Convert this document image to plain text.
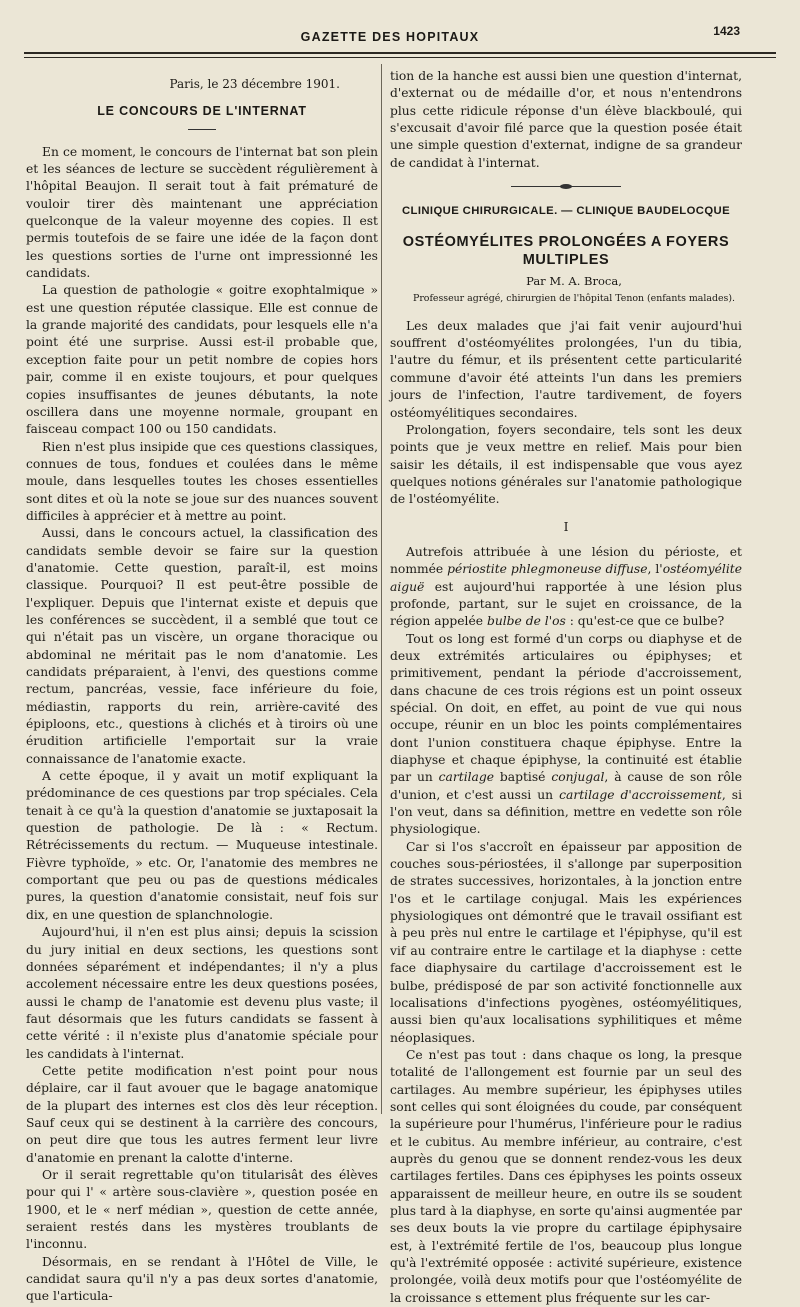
GAZETTE DES HOPITAUX	1423

Paris, le 23 décembre 1901.

LE CONCOURS DE L'INTERNAT

En ce moment, le concours de l'internat bat son plein et les séances de lecture se succèdent régulièrement à l'hôpital Beaujon. Il serait tout à fait prématuré de vouloir tirer dès maintenant une appréciation quelconque de la valeur moyenne des copies. Il est permis toutefois de se faire une idée de la façon dont les questions sorties de l'urne ont impressionné les candidats.

La question de pathologie « goitre exophtalmique » est une question réputée classique. Elle est connue de la grande majorité des candidats, pour lesquels elle n'a point été une surprise. Aussi est-il probable que, exception faite pour un petit nombre de copies hors pair, comme il en existe toujours, et pour quelques copies insuffisantes de jeunes débutants, la note oscillera dans une moyenne normale, groupant en faisceau compact 100 ou 150 candidats.

Rien n'est plus insipide que ces questions classiques, connues de tous, fondues et coulées dans le même moule, dans lesquelles toutes les choses essentielles sont dites et où la note se joue sur des nuances souvent difficiles à apprécier et à mettre au point.

Aussi, dans le concours actuel, la classification des candidats semble devoir se faire sur la question d'anatomie. Cette question, paraît-il, est moins classique. Pourquoi? Il est peut-être possible de l'expliquer. Depuis que l'internat existe et depuis que les conférences se succèdent, il a semblé que tout ce qui n'était pas un viscère, un organe thoracique ou abdominal ne méritait pas le nom d'anatomie. Les candidats préparaient, à l'envi, des questions comme rectum, pancréas, vessie, face inférieure du foie, médiastin, rapports du rein, arrière-cavité des épiploons, etc., questions à clichés et à tiroirs où une érudition artificielle l'emportait sur la vraie connaissance de l'anatomie exacte.

A cette époque, il y avait un motif expliquant la prédominance de ces questions par trop spéciales. Cela tenait à ce qu'à la question d'anatomie se juxtaposait la question de pathologie. De là : « Rectum. Rétrécissements du rectum. — Muqueuse intestinale. Fièvre typhoïde, » etc. Or, l'anatomie des membres ne comportant que peu ou pas de questions médicales pures, la question d'anatomie consistait, neuf fois sur dix, en une question de splanchnologie.

Aujourd'hui, il n'en est plus ainsi; depuis la scission du jury initial en deux sections, les questions sont données séparément et indépendantes; il n'y a plus accolement nécessaire entre les deux questions posées, aussi le champ de l'anatomie est devenu plus vaste; il faut désormais que les futurs candidats se fassent à cette vérité : il n'existe plus d'anatomie spéciale pour les candidats à l'internat.

Cette petite modification n'est point pour nous déplaire, car il faut avouer que le bagage anatomique de la plupart des internes est clos dès leur réception. Sauf ceux qui se destinent à la carrière des concours, on peut dire que tous les autres ferment leur livre d'anatomie en prenant la calotte d'interne.

Or il serait regrettable qu'on titularisât des élèves pour qui l' « artère sous-clavière », question posée en 1900, et le « nerf médian », question de cette année, seraient restés dans les mystères troublants de l'inconnu.

Désormais, en se rendant à l'Hôtel de Ville, le candidat saura qu'il n'y a pas deux sortes d'anatomie, que l'articula-

tion de la hanche est aussi bien une question d'internat, d'externat ou de médaille d'or, et nous n'entendrons plus cette ridicule réponse d'un élève blackboulé, qui s'excusait d'avoir filé parce que la question posée était une simple question d'externat, indigne de sa grandeur de candidat à l'internat.

CLINIQUE CHIRURGICALE. — CLINIQUE BAUDELOCQUE
OSTÉOMYÉLITES PROLONGÉES A FOYERS MULTIPLES

Par M. A. Broca,

Professeur agrégé, chirurgien de l'hôpital Tenon (enfants malades).

Les deux malades que j'ai fait venir aujourd'hui souffrent d'ostéomyélites prolongées, l'un du tibia, l'autre du fémur, et ils présentent cette particularité commune d'avoir été atteints l'un dans les premiers jours de l'infection, l'autre tardivement, de foyers ostéomyélitiques secondaires.

Prolongation, foyers secondaire, tels sont les deux points que je veux mettre en relief. Mais pour bien saisir les détails, il est indispensable que vous ayez quelques notions générales sur l'anatomie pathologique de l'ostéomyélite.

I

Autrefois attribuée à une lésion du périoste, et nommée périostite phlegmoneuse diffuse, l'ostéomyélite aiguë est aujourd'hui rapportée à une lésion plus profonde, partant, sur le sujet en croissance, de la région appelée bulbe de l'os : qu'est-ce que ce bulbe?

Tout os long est formé d'un corps ou diaphyse et de deux extrémités articulaires ou épiphyses; et primitivement, pendant la période d'accroissement, dans chacune de ces trois régions est un point osseux spécial. On doit, en effet, au point de vue qui nous occupe, réunir en un bloc les points complémentaires dont l'union constituera chaque épiphyse. Entre la diaphyse et chaque épiphyse, la continuité est établie par un cartilage baptisé conjugal, à cause de son rôle d'union, et c'est aussi un cartilage d'accroissement, si l'on veut, dans sa définition, mettre en vedette son rôle physiologique.

Car si l'os s'accroît en épaisseur par apposition de couches sous-périostées, il s'allonge par superposition de strates successives, horizontales, à la jonction entre l'os et le cartilage conjugal. Mais les expériences physiologiques ont démontré que le travail ossifiant est à peu près nul entre le cartilage et l'épiphyse, qu'il est vif au contraire entre le cartilage et la diaphyse : cette face diaphysaire du cartilage d'accroissement est le bulbe, prédisposé de par son activité fonctionnelle aux localisations d'infections pyogènes, ostéomyélitiques, aussi bien qu'aux localisations syphilitiques et même néoplasiques.

Ce n'est pas tout : dans chaque os long, la presque totalité de l'allongement est fournie par un seul des cartilages. Au membre supérieur, les épiphyses utiles sont celles qui sont éloignées du coude, par conséquent la supérieure pour l'humérus, l'inférieure pour le radius et le cubitus. Au membre inférieur, au contraire, c'est auprès du genou que se donnent rendez-vous les deux cartilages fertiles. Dans ces épiphyses les points osseux apparaissent de meilleur heure, en outre ils se soudent plus tard à la diaphyse, en sorte qu'ainsi augmentée par ses deux bouts la vie propre du cartilage épiphysaire est, à l'extrémité fertile de l'os, beaucoup plus longue qu'à l'extrémité opposée : activité supérieure, existence prolongée, voilà deux motifs pour que l'ostéomyélite de la croissance s ettement plus fréquente sur les car-
